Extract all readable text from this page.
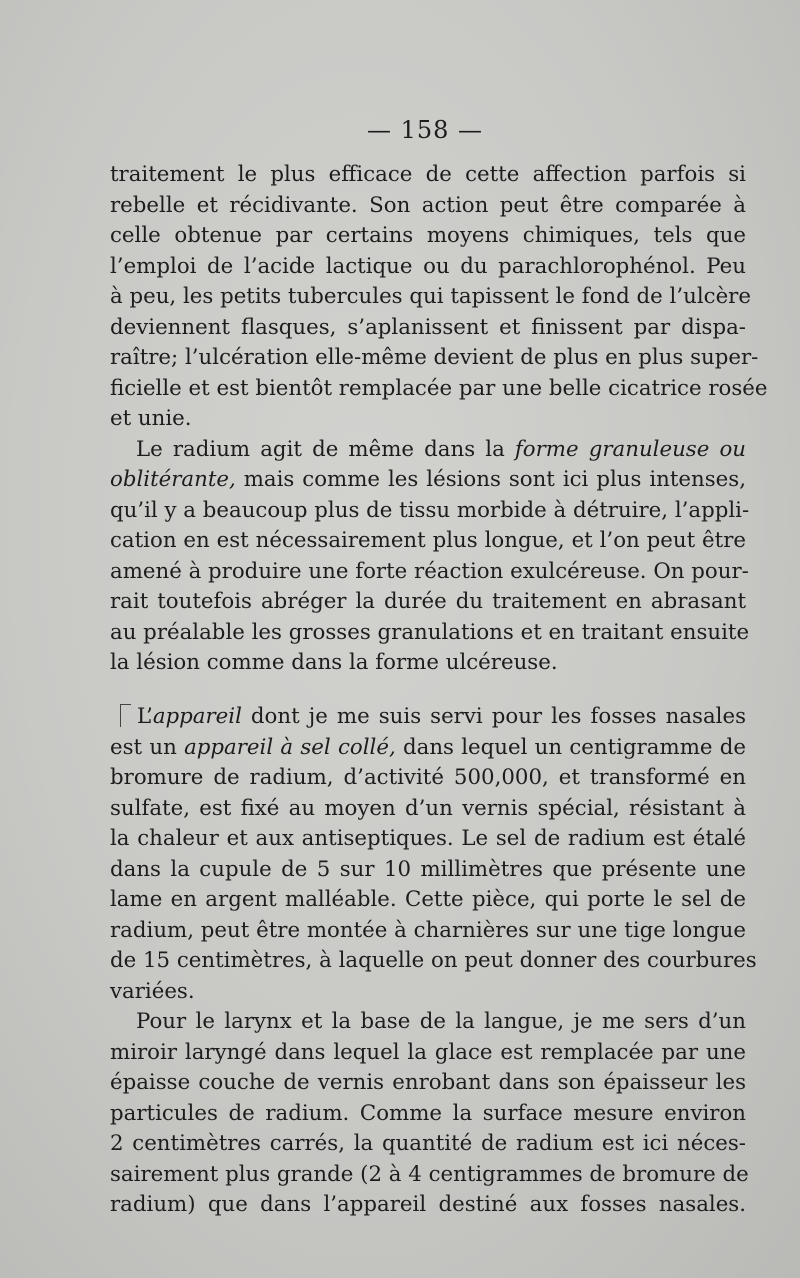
— 158 —
traitement le plus efficace de cette affection parfois si
rebelle et récidivante. Son action peut être comparée à
celle obtenue par certains moyens chimiques, tels que
l’emploi de l’acide lactique ou du parachlorophénol. Peu
à peu, les petits tubercules qui tapissent le fond de l’ulcère
deviennent flasques, s’aplanissent et finissent par dispa-
raître; l’ulcération elle-même devient de plus en plus super-
ficielle et est bientôt remplacée par une belle cicatrice rosée
et unie.
Le radium agit de même dans la forme granuleuse ou
oblitérante, mais comme les lésions sont ici plus intenses,
qu’il y a beaucoup plus de tissu morbide à détruire, l’appli-
cation en est nécessairement plus longue, et l’on peut être
amené à produire une forte réaction exulcéreuse. On pour-
rait toutefois abréger la durée du traitement en abrasant
au préalable les grosses granulations et en traitant ensuite
la lésion comme dans la forme ulcéreuse.
L’appareil dont je me suis servi pour les fosses nasales
est un appareil à sel collé, dans lequel un centigramme de
bromure de radium, d’activité 500,000, et transformé en
sulfate, est fixé au moyen d’un vernis spécial, résistant à
la chaleur et aux antiseptiques. Le sel de radium est étalé
dans la cupule de 5 sur 10 millimètres que présente une
lame en argent malléable. Cette pièce, qui porte le sel de
radium, peut être montée à charnières sur une tige longue
de 15 centimètres, à laquelle on peut donner des courbures
variées.
Pour le larynx et la base de la langue, je me sers d’un
miroir laryngé dans lequel la glace est remplacée par une
épaisse couche de vernis enrobant dans son épaisseur les
particules de radium. Comme la surface mesure environ
2 centimètres carrés, la quantité de radium est ici néces-
sairement plus grande (2 à 4 centigrammes de bromure de
radium) que dans l’appareil destiné aux fosses nasales.
